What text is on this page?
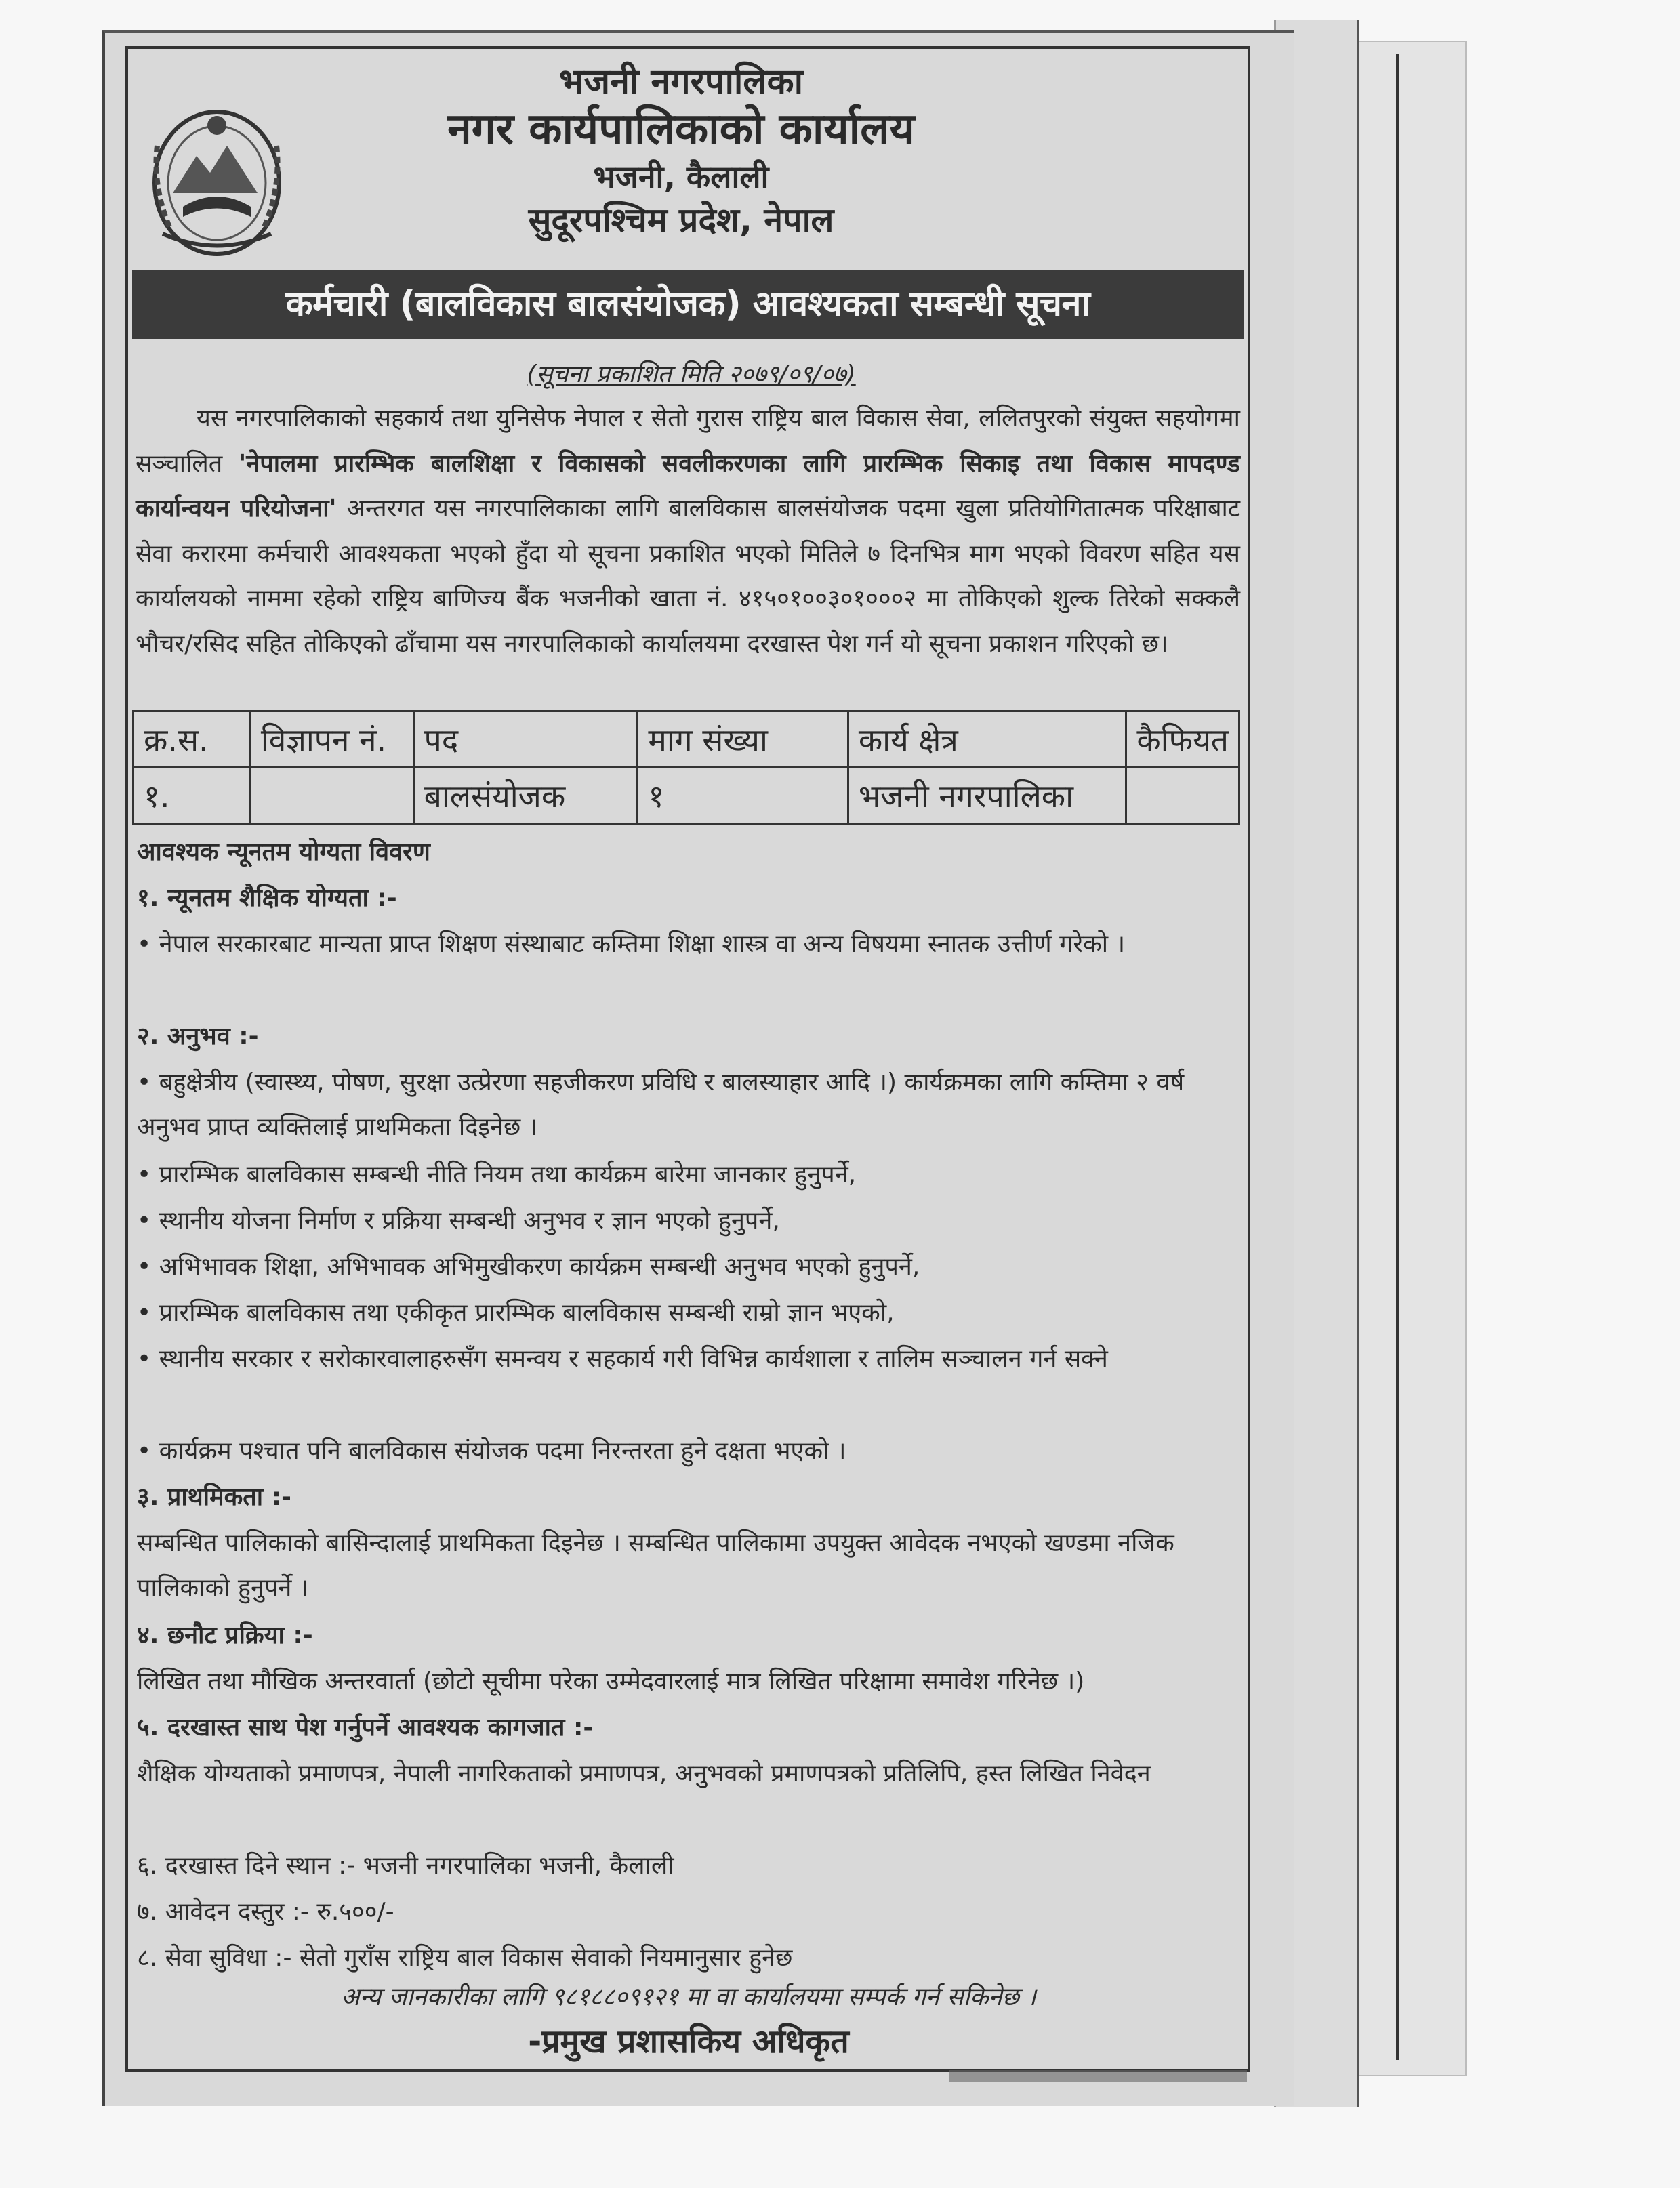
भजनी नगरपालिका
नगर कार्यपालिकाको कार्यालय
भजनी, कैलाली
सुदूरपश्चिम प्रदेश, नेपाल
कर्मचारी (बालविकास बालसंयोजक) आवश्यकता सम्बन्धी सूचना
(सूचना प्रकाशित मिति २०७९/०९/०७)
यस नगरपालिकाको सहकार्य तथा युनिसेफ नेपाल र सेतो गुरास राष्ट्रिय बाल विकास सेवा, ललितपुरको संयुक्त सहयोगमा सञ्चालित 'नेपालमा प्रारम्भिक बालशिक्षा र विकासको सवलीकरणका लागि प्रारम्भिक सिकाइ तथा विकास मापदण्ड कार्यान्वयन परियोजना' अन्तरगत यस नगरपालिकाका लागि बालविकास बालसंयोजक पदमा खुला प्रतियोगितात्मक परिक्षाबाट सेवा करारमा कर्मचारी आवश्यकता भएको हुँदा यो सूचना प्रकाशित भएको मितिले ७ दिनभित्र माग भएको विवरण सहित यस कार्यालयको नाममा रहेको राष्ट्रिय बाणिज्य बैंक भजनीको खाता नं. ४१५०१००३०१०००२ मा तोकिएको शुल्क तिरेको सक्कलै भौचर/रसिद सहित तोकिएको ढाँचामा यस नगरपालिकाको कार्यालयमा दरखास्त पेश गर्न यो सूचना प्रकाशन गरिएको छ।
क्र.स.	विज्ञापन नं.	पद	माग संख्या	कार्य क्षेत्र	कैफियत
१.		बालसंयोजक	१	भजनी नगरपालिका	
आवश्यक न्यूनतम योग्यता विवरण
१. न्यूनतम शैक्षिक योग्यता :-
• नेपाल सरकारबाट मान्यता प्राप्त शिक्षण संस्थाबाट कम्तिमा शिक्षा शास्त्र वा अन्य विषयमा स्नातक उत्तीर्ण गरेको ।
२. अनुभव :-
• बहुक्षेत्रीय (स्वास्थ्य, पोषण, सुरक्षा उत्प्रेरणा सहजीकरण प्रविधि र बालस्याहार आदि ।) कार्यक्रमका लागि कम्तिमा २ वर्ष अनुभव प्राप्त व्यक्तिलाई प्राथमिकता दिइनेछ ।
• प्रारम्भिक बालविकास सम्बन्धी नीति नियम तथा कार्यक्रम बारेमा जानकार हुनुपर्ने,
• स्थानीय योजना निर्माण र प्रक्रिया सम्बन्धी अनुभव र ज्ञान भएको हुनुपर्ने,
• अभिभावक शिक्षा, अभिभावक अभिमुखीकरण कार्यक्रम सम्बन्धी अनुभव भएको हुनुपर्ने,
• प्रारम्भिक बालविकास तथा एकीकृत प्रारम्भिक बालविकास सम्बन्धी राम्रो ज्ञान भएको,
• स्थानीय सरकार र सरोकारवालाहरुसँग समन्वय र सहकार्य गरी विभिन्न कार्यशाला र तालिम सञ्चालन गर्न सक्ने
• कार्यक्रम पश्चात पनि बालविकास संयोजक पदमा निरन्तरता हुने दक्षता भएको ।
३. प्राथमिकता :-
सम्बन्धित पालिकाको बासिन्दालाई प्राथमिकता दिइनेछ । सम्बन्धित पालिकामा उपयुक्त आवेदक नभएको खण्डमा नजिक पालिकाको हुनुपर्ने ।
४. छनौट प्रक्रिया :-
लिखित तथा मौखिक अन्तरवार्ता (छोटो सूचीमा परेका उम्मेदवारलाई मात्र लिखित परिक्षामा समावेश गरिनेछ ।)
५. दरखास्त साथ पेश गर्नुपर्ने आवश्यक कागजात :-
शैक्षिक योग्यताको प्रमाणपत्र, नेपाली नागरिकताको प्रमाणपत्र, अनुभवको प्रमाणपत्रको प्रतिलिपि, हस्त लिखित निवेदन
६. दरखास्त दिने स्थान :- भजनी नगरपालिका भजनी, कैलाली
७. आवेदन दस्तुर :- रु.५००/-
८. सेवा सुविधा :- सेतो गुराँस राष्ट्रिय बाल विकास सेवाको नियमानुसार हुनेछ
अन्य जानकारीका लागि ९८१८८०९१२१ मा वा कार्यालयमा सम्पर्क गर्न सकिनेछ ।
-प्रमुख प्रशासकिय अधिकृत
